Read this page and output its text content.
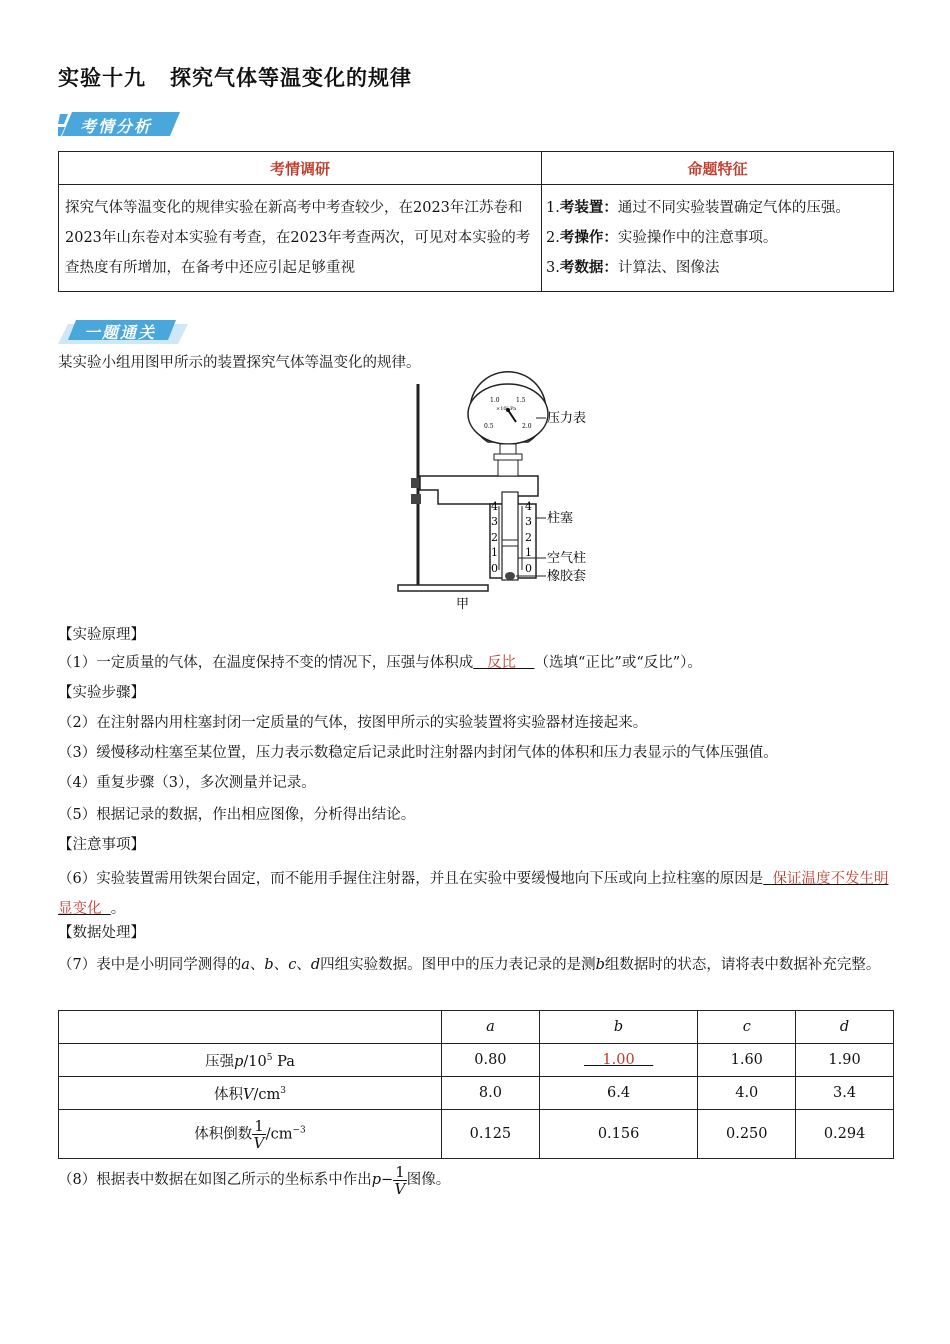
实验十九 探究气体等温变化的规律
考情分析
考情调研	命题特征
探究气体等温变化的规律实验在新高考中考查较少，在2023年江苏卷和2023年山东卷对本实验有考查，在2023年考查两次，可见对本实验的考查热度有所增加，在备考中还应引起足够重视	1.考装置：通过不同实验装置确定气体的压强。
2.考操作：实验操作中的注意事项。
3.考数据：计算法、图像法
一题通关
某实验小组用图甲所示的装置探究气体等温变化的规律。
0.5
1.0	1.5
2.0
×10⁵ Pa
4
3
2
1
0
4
3
2
1
0
压力表
柱塞
空气柱
橡胶套
甲
【实验原理】
（1）一定质量的气体，在温度保持不变的情况下，压强与体积成 反比 （选填“正比”或“反比”）。
【实验步骤】
（2）在注射器内用柱塞封闭一定质量的气体，按图甲所示的实验装置将实验器材连接起来。
（3）缓慢移动柱塞至某位置，压力表示数稳定后记录此时注射器内封闭气体的体积和压力表显示的气体压强值。
（4）重复步骤（3），多次测量并记录。
（5）根据记录的数据，作出相应图像，分析得出结论。
【注意事项】
（6）实验装置需用铁架台固定，而不能用手握住注射器，并且在实验中要缓慢地向下压或向上拉柱塞的原因是 保证温度不发生明显变化 。
【数据处理】
（7）表中是小明同学测得的a、b、c、d四组实验数据。图甲中的压力表记录的是测b组数据时的状态，请将表中数据补充完整。
	a	b	c	d
压强$p/10^5$ Pa	0.80	1.00	1.60	1.90
体积$V/cm^3$	8.0	6.4	4.0	3.4
体积倒数 $\frac{1}{V} /cm^{-3}$	0.125	0.156	0.250	0.294
（8）根据表中数据在如图乙所示的坐标系中作出$p- \frac{1}{V}$ 图像。
